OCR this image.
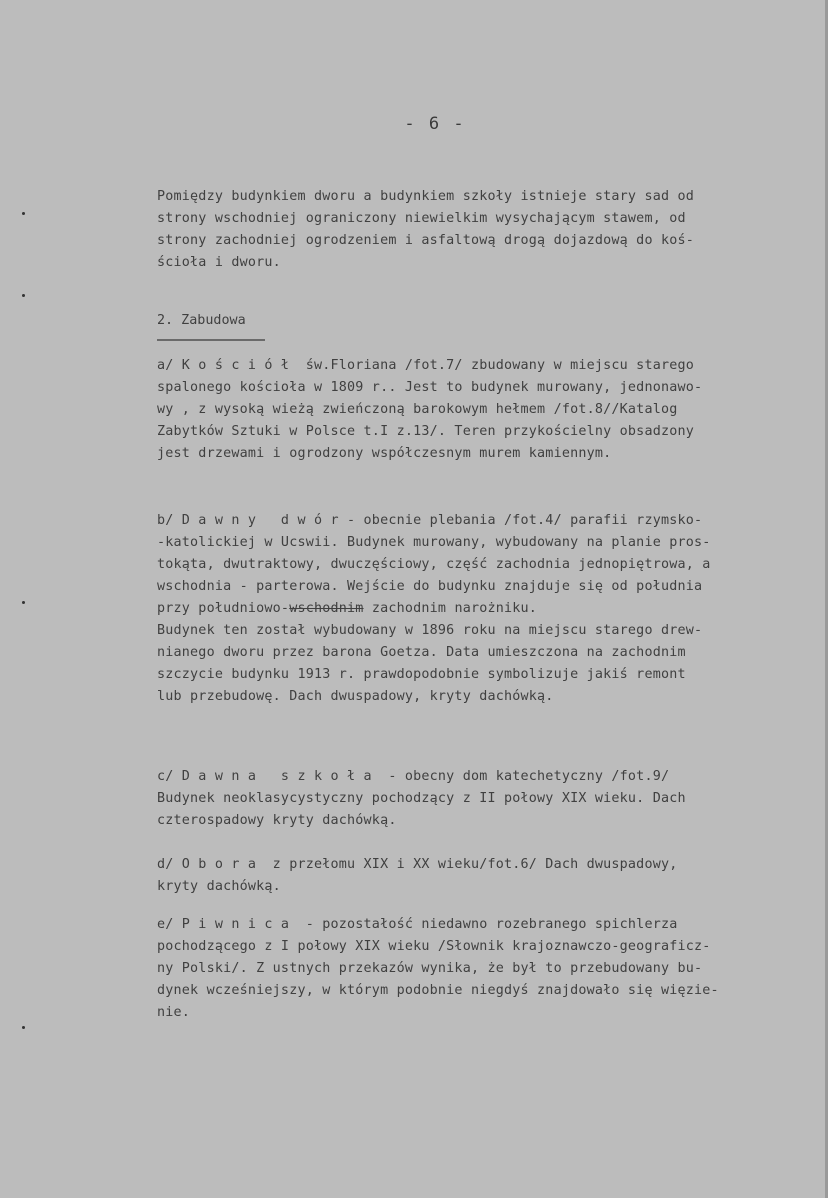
- 6 -
Pomiędzy budynkiem dworu a budynkiem szkoły istnieje stary sad od
strony wschodniej ograniczony niewielkim wysychającym stawem, od
strony zachodniej ogrodzeniem i asfaltową drogą dojazdową do koś-
ścioła i dworu.
2. Zabudowa
a/ K o ś c i ó ł  św.Floriana /fot.7/ zbudowany w miejscu starego
spalonego kościoła w 1809 r.. Jest to budynek murowany, jednonawo-
wy , z wysoką wieżą zwieńczoną barokowym hełmem /fot.8//Katalog
Zabytków Sztuki w Polsce t.I z.13/. Teren przykościelny obsadzony
jest drzewami i ogrodzony współczesnym murem kamiennym.
b/ D a w n y   d w ó r - obecnie plebania /fot.4/ parafii rzymsko-
-katolickiej w Ucswii. Budynek murowany, wybudowany na planie pros-
tokąta, dwutraktowy, dwuczęściowy, część zachodnia jednopiętrowa, a
wschodnia - parterowa. Wejście do budynku znajduje się od południa
przy południowo-wschodnim zachodnim narożniku.
Budynek ten został wybudowany w 1896 roku na miejscu starego drew-
nianego dworu przez barona Goetza. Data umieszczona na zachodnim
szczycie budynku 1913 r. prawdopodobnie symbolizuje jakiś remont
lub przebudowę. Dach dwuspadowy, kryty dachówką.
c/ D a w n a   s z k o ł a  - obecny dom katechetyczny /fot.9/
Budynek neoklasycystyczny pochodzący z II połowy XIX wieku. Dach
czterospadowy kryty dachówką.
d/ O b o r a  z przełomu XIX i XX wieku/fot.6/ Dach dwuspadowy,
kryty dachówką.
e/ P i w n i c a  - pozostałość niedawno rozebranego spichlerza
pochodzącego z I połowy XIX wieku /Słownik krajoznawczo-geograficz-
ny Polski/. Z ustnych przekazów wynika, że był to przebudowany bu-
dynek wcześniejszy, w którym podobnie niegdyś znajdowało się więzie-
nie.
